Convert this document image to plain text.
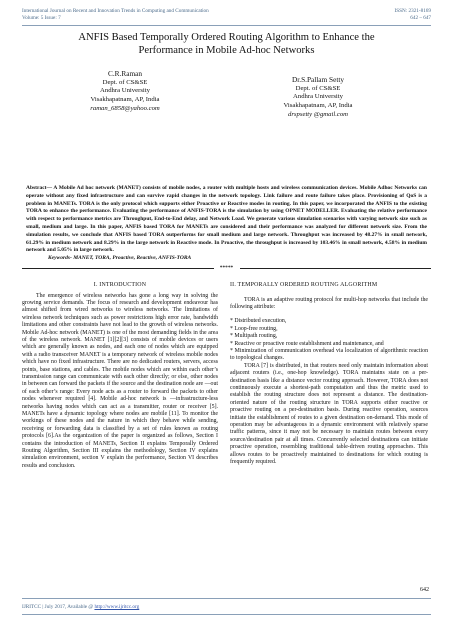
International Journal on Recent and Innovation Trends in Computing and Communication
Volume: 5 Issue: 7
ISSN: 2321-8169
642 – 647
ANFIS Based Temporally Ordered Routing Algorithm to Enhance the
Performance in Mobile Ad-hoc Networks
C.R.Raman
Dept. of CS&SE
Andhra University
Visakhapatnam, AP, India
raman_6858@yahoo.com
Dr.S.Pallam Setty
Dept. of CS&SE
Andhra University
Visakhapatnam, AP, India
drspsetty @gmail.com
Abstract— A Mobile Ad hoc network (MANET) consists of mobile nodes, a router with multiple hosts and wireless communication devices. Mobile Adhoc Networks can operate without any fixed infrastructure and can survive rapid changes in the network topology. Link failure and route failure takes place. Provisioning of QoS is a problem in MANETs. TORA is the only protocol which supports either Proactive or Reactive modes in routing. In this paper, we incorporated the ANFIS to the existing TORA to enhance the performance. Evaluating the performance of ANFIS-TORA is the simulation by using OPNET MODELLER. Evaluating the relative performance with respect to performance metrics are Throughput, End-to-End delay, and Network Load. We generate various simulation scenarios with varying network size such as small, medium and large. In this paper, ANFIS based TORA for MANETs are considered and their performance was analyzed for different network size. From the simulation results, we conclude that ANFIS based TORA outperforms for small medium and large network. Throughput was increased by 48.27% in small network, 61.29% in medium network and 8.29% in the large network in Reactive mode. In Proactive, the throughput is increased by 103.46% in small network, 4.58% in medium network and 5.05% in large network.
Keywords- MANET, TORA, Proactive, Reactive, ANFIS-TORA
*****
I. INTRODUCTION

The emergence of wireless networks has gone a long way in solving the growing service demands. The focus of research and development endeavour has almost shifted from wired networks to wireless networks. The limitations of wireless network techniques such as power restrictions high error rate, bandwidth limitations and other constraints have not lead to the growth of wireless networks. Mobile Ad-hoc network (MANET) is one of the most demanding fields in the area of the wireless network. MANET [1][2][3] consists of mobile devices or users which are generally known as nodes, and each one of nodes which are equipped with a radio transceiver MANET is a temporary network of wireless mobile nodes which have no fixed infrastructure. There are no dedicated routers, servers, access points, base stations, and cables. The mobile nodes which are within each other’s transmission range can communicate with each other directly; or else, other nodes in between can forward the packets if the source and the destination node are ―out of each other’s range: Every node acts as a router to forward the packets to other nodes whenever required [4]. Mobile ad-hoc network is ―infrastructure-less networks having nodes which can act as a transmitter, router or receiver [5]. MANETs have a dynamic topology where nodes are mobile [11]. To monitor the workings of these nodes and the nature in which they behave while sending, receiving or forwarding data is classified by a set of rules known as routing protocols [6].As the organization of the paper is organized as follows, Section I contains the introduction of MANETs, Section II explains Temporally Ordered Routing Algorithm, Section III explains the methodology, Section IV explains simulation environment, section V explain the performance, Section VI describes results and conclusion.

II. TEMPORALLY ORDERED ROUTING ALGORITHM

TORA is an adaptive routing protocol for multi-hop networks that include the following attribute:

* Distributed execution,

* Loop-free routing,

* Multipath routing,

* Reactive or proactive route establishment and maintenance, and

* Minimization of communication overhead via localization of algorithmic reaction to topological changes.

TORA [7] is distributed, in that routers need only maintain information about adjacent routers (i.e., one-hop knowledge). TORA maintains state on a per-destination basis like a distance vector routing approach. However, TORA does not continuously execute a shortest-path computation and thus the metric used to establish the routing structure does not represent a distance. The destination-oriented nature of the routing structure in TORA supports either reactive or proactive routing on a per-destination basis. During reactive operation, sources initiate the establishment of routes to a given destination on-demand. This mode of operation may be advantageous in a dynamic environment with relatively sparse traffic patterns, since it may not be necessary to maintain routes between every source/destination pair at all times. Concurrently selected destinations can initiate proactive operation, resembling traditional table-driven routing approaches. This allows routes to be proactively maintained to destinations for which routing is frequently required.

642
IJRITCC | July 2017, Available @ http://www.ijritcc.org
